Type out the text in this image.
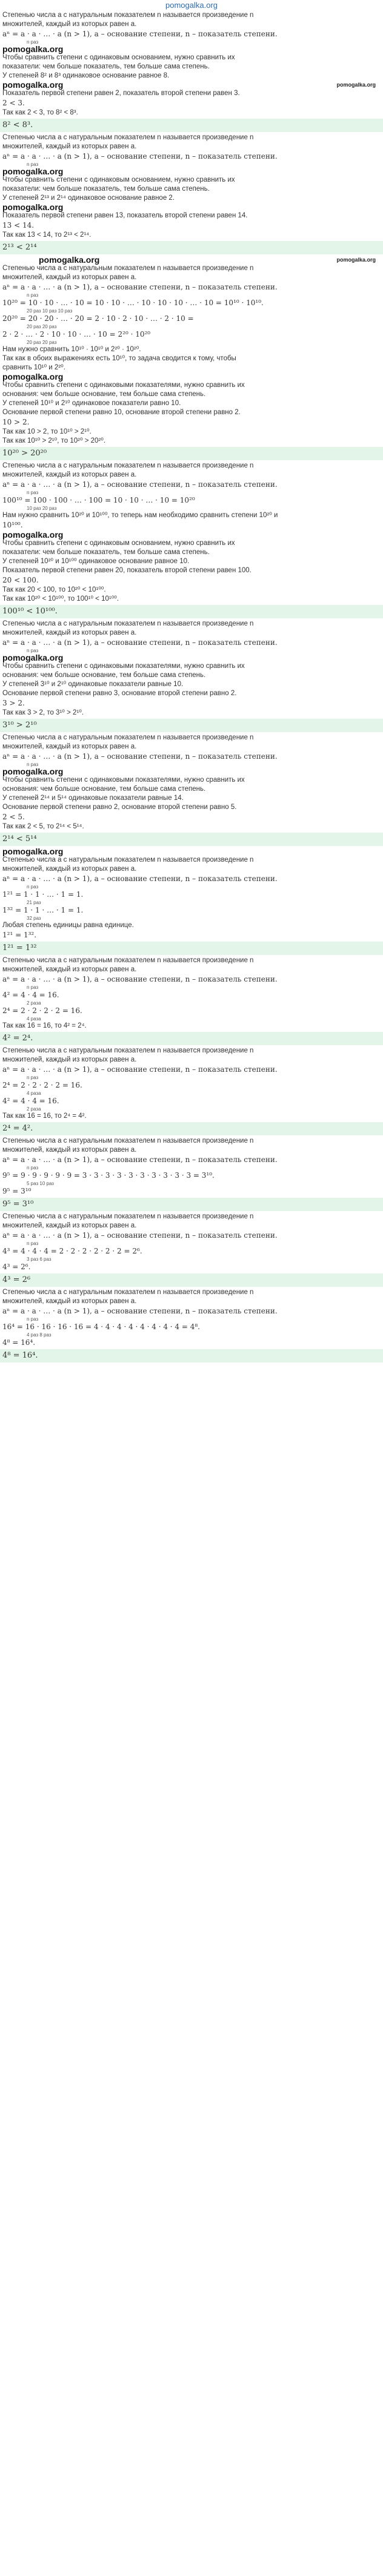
pomogalka.org
Степенью числа a с натуральным показателем n называется произведение n
множителей, каждый из которых равен a.
aⁿ = a · a · … · a (n > 1), a – основание степени, n – показатель степени.
n раз
pomogalka.org
Чтобы сравнить степени с одинаковым основанием, нужно сравнить их
показатели: чем больше показатель, тем больше сама степень.
У степеней 8² и 8³ одинаковое основание равное 8.
pomogalka.org	pomogalka.org
Показатель первой степени равен 2, показатель второй степени равен 3.
2 < 3.
Так как 2 < 3, то 8² < 8³.
8² < 8³.
Степенью числа a с натуральным показателем n называется произведение n
множителей, каждый из которых равен a.
aⁿ = a · a · … · a (n > 1), a – основание степени, n – показатель степени.
n раз
pomogalka.org
Чтобы сравнить степени с одинаковым основанием, нужно сравнить их
показатели: чем больше показатель, тем больше сама степень.
У степеней 2¹³ и 2¹⁴ одинаковое основание равное 2.
pomogalka.org
Показатель первой степени равен 13, показатель второй степени равен 14.
13 < 14.
Так как 13 < 14, то 2¹³ < 2¹⁴.
2¹³ < 2¹⁴
pomogalka.org	pomogalka.org
Степенью числа a с натуральным показателем n называется произведение n
множителей, каждый из которых равен a.
aⁿ = a · a · … · a (n > 1), a – основание степени, n – показатель степени.
n раз
10²⁰ = 10 · 10 · … · 10 = 10 · 10 · … · 10 · 10 · 10 · … · 10 = 10¹⁰ · 10¹⁰.
20 раз 10 раз 10 раз
20²⁰ = 20 · 20 · … · 20 = 2 · 10 · 2 · 10 · … · 2 · 10 =
20 раз 20 раз
2 · 2 · … · 2 · 10 · 10 · … · 10 = 2²⁰ · 10²⁰
20 раз 20 раз
Нам нужно сравнить 10¹⁰ · 10¹⁰ и 2²⁰ · 10²⁰.
Так как в обоих выражениях есть 10¹⁰, то задача сводится к тому, чтобы
сравнить 10¹⁰ и 2²⁰.
pomogalka.org
Чтобы сравнить степени с одинаковыми показателями, нужно сравнить их
основания: чем больше основание, тем больше сама степень.
У степеней 10¹⁰ и 2¹⁰ одинаковое показатели равно 10.
Основание первой степени равно 10, основание второй степени равно 2.
10 > 2.
Так как 10 > 2, то 10¹⁰ > 2¹⁰.
Так как 10¹⁰ > 2¹⁰, то 10²⁰ > 20²⁰.
10²⁰ > 20²⁰
Степенью числа a с натуральным показателем n называется произведение n
множителей, каждый из которых равен a.
aⁿ = a · a · … · a (n > 1), a – основание степени, n – показатель степени.
n раз
100¹⁰ = 100 · 100 · … · 100 = 10 · 10 · … · 10 = 10²⁰
10 раз 20 раз
Нам нужно сравнить 10²⁰ и 10¹⁰⁰, то теперь нам необходимо сравнить степени 10²⁰ и
10¹⁰⁰.
pomogalka.org
Чтобы сравнить степени с одинаковым основанием, нужно сравнить их
показатели: чем больше показатель, тем больше сама степень.
У степеней 10²⁰ и 10¹⁰⁰ одинаковое основание равное 10.
Показатель первой степени равен 20, показатель второй степени равен 100.
20 < 100.
Так как 20 < 100, то 10²⁰ < 10¹⁰⁰.
Так как 10²⁰ < 10¹⁰⁰, то 100¹⁰ < 10¹⁰⁰.
100¹⁰ < 10¹⁰⁰.
Степенью числа a с натуральным показателем n называется произведение n
множителей, каждый из которых равен a.
aⁿ = a · a · … · a (n > 1), a – основание степени, n – показатель степени.
n раз
pomogalka.org
Чтобы сравнить степени с одинаковыми показателями, нужно сравнить их
основания: чем больше основание, тем больше сама степень.
У степеней 3¹⁰ и 2¹⁰ одинаковые показатели равные 10.
Основание первой степени равно 3, основание второй степени равно 2.
3 > 2.
Так как 3 > 2, то 3¹⁰ > 2¹⁰.
3¹⁰ > 2¹⁰
Степенью числа a с натуральным показателем n называется произведение n
множителей, каждый из которых равен a.
aⁿ = a · a · … · a (n > 1), a – основание степени, n – показатель степени.
n раз
pomogalka.org
Чтобы сравнить степени с одинаковыми показателями, нужно сравнить их
основания: чем больше основание, тем больше сама степень.
У степеней 2¹⁴ и 5¹⁴ одинаковые показатели равные 14.
Основание первой степени равно 2, основание второй степени равно 5.
2 < 5.
Так как 2 < 5, то 2¹⁴ < 5¹⁴.
2¹⁴ < 5¹⁴
pomogalka.org
Степенью числа a с натуральным показателем n называется произведение n
множителей, каждый из которых равен a.
aⁿ = a · a · … · a (n > 1), a – основание степени, n – показатель степени.
n раз
1²¹ = 1 · 1 · … · 1 = 1.
21 раз
1³² = 1 · 1 · … · 1 = 1.
32 раз
Любая степень единицы равна единице.
1²¹ = 1³².
1²¹ = 1³²
Степенью числа a с натуральным показателем n называется произведение n
множителей, каждый из которых равен a.
aⁿ = a · a · … · a (n > 1), a – основание степени, n – показатель степени.
n раз
4² = 4 · 4 = 16.
2 раза
2⁴ = 2 · 2 · 2 · 2 = 16.
4 раза
Так как 16 = 16, то 4² = 2⁴.
4² = 2⁴.
Степенью числа a с натуральным показателем n называется произведение n
множителей, каждый из которых равен a.
aⁿ = a · a · … · a (n > 1), a – основание степени, n – показатель степени.
n раз
2⁴ = 2 · 2 · 2 · 2 = 16.
4 раза
4² = 4 · 4 = 16.
2 раза
Так как 16 = 16, то 2⁴ = 4².
2⁴ = 4².
Степенью числа a с натуральным показателем n называется произведение n
множителей, каждый из которых равен a.
aⁿ = a · a · … · a (n > 1), a – основание степени, n – показатель степени.
n раз
9⁵ = 9 · 9 · 9 · 9 · 9 = 3 · 3 · 3 · 3 · 3 · 3 · 3 · 3 · 3 · 3 = 3¹⁰.
5 раз 10 раз
9⁵ = 3¹⁰
9⁵ = 3¹⁰
Степенью числа a с натуральным показателем n называется произведение n
множителей, каждый из которых равен a.
aⁿ = a · a · … · a (n > 1), a – основание степени, n – показатель степени.
n раз
4³ = 4 · 4 · 4 = 2 · 2 · 2 · 2 · 2 · 2 = 2⁶.
3 раз 6 раз
4³ = 2⁶.
4³ = 2⁶
Степенью числа a с натуральным показателем n называется произведение n
множителей, каждый из которых равен a.
aⁿ = a · a · … · a (n > 1), a – основание степени, n – показатель степени.
n раз
16⁴ = 16 · 16 · 16 · 16 = 4 · 4 · 4 · 4 · 4 · 4 · 4 · 4 = 4⁸.
4 раз 8 раз
4⁸ = 16⁴.
4⁸ = 16⁴.
